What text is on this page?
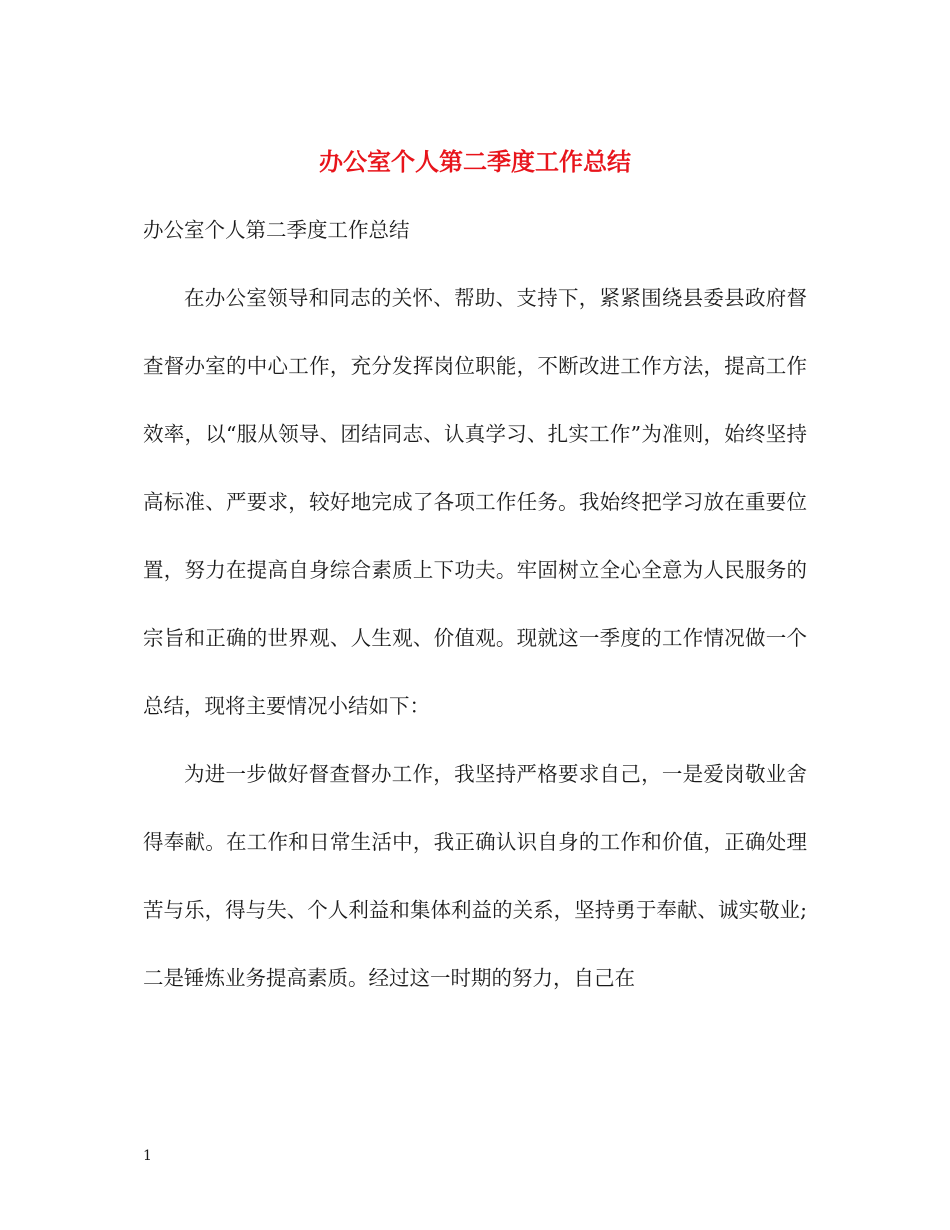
办公室个人第二季度工作总结

办公室个人第二季度工作总结

在办公室领导和同志的关怀、帮助、支持下，紧紧围绕县委县政府督查督办室的中心工作，充分发挥岗位职能，不断改进工作方法，提高工作效率，以“服从领导、团结同志、认真学习、扎实工作”为准则，始终坚持高标准、严要求，较好地完成了各项工作任务。我始终把学习放在重要位置，努力在提高自身综合素质上下功夫。牢固树立全心全意为人民服务的宗旨和正确的世界观、人生观、价值观。现就这一季度的工作情况做一个总结，现将主要情况小结如下：

为进一步做好督查督办工作，我坚持严格要求自己，一是爱岗敬业舍得奉献。在工作和日常生活中，我正确认识自身的工作和价值，正确处理苦与乐，得与失、个人利益和集体利益的关系，坚持勇于奉献、诚实敬业;二是锤炼业务提高素质。经过这一时期的努力，自己在

1
